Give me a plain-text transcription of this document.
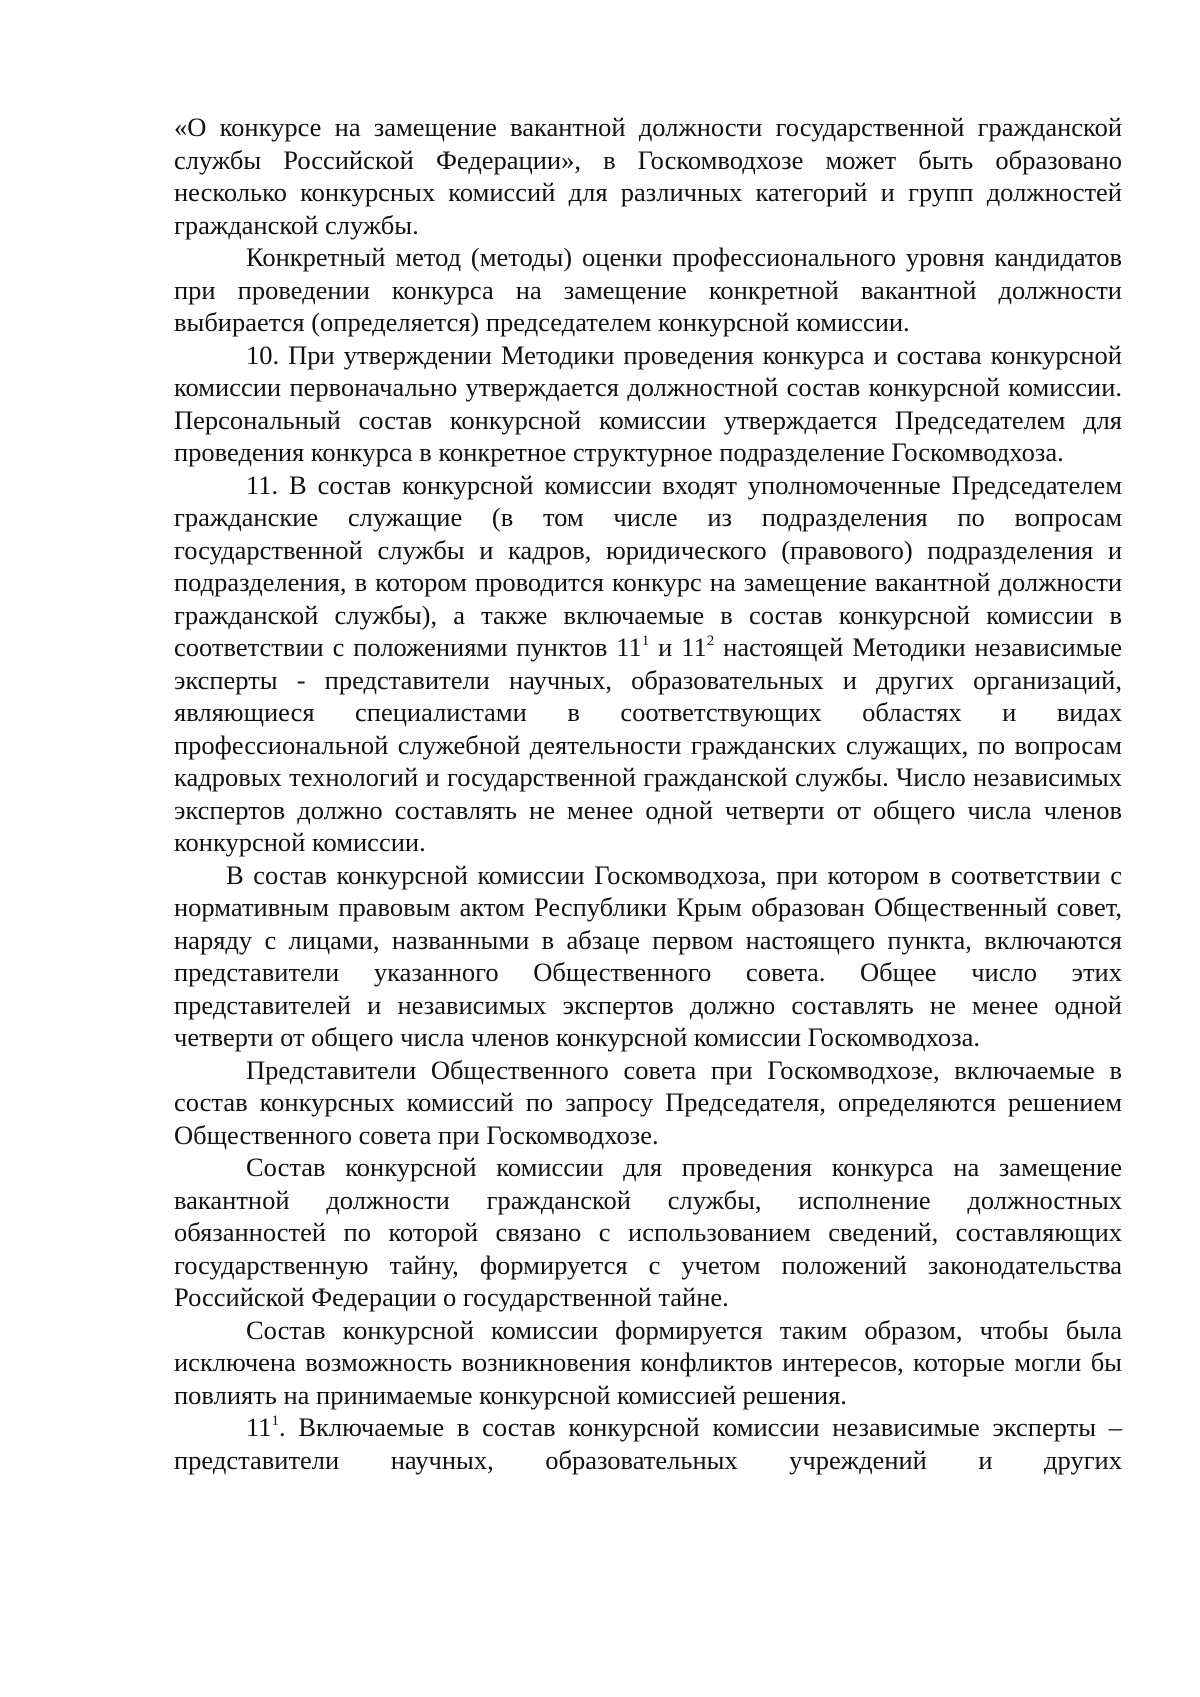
«О конкурсе на замещение вакантной должности государственной гражданской службы Российской Федерации», в Госкомводхозе может быть образовано несколько конкурсных комиссий для различных категорий и групп должностей гражданской службы.

Конкретный метод (методы) оценки профессионального уровня кандидатов при проведении конкурса на замещение конкретной вакантной должности выбирается (определяется) председателем конкурсной комиссии.

10. При утверждении Методики проведения конкурса и состава конкурсной комиссии первоначально утверждается должностной состав конкурсной комиссии. Персональный состав конкурсной комиссии утверждается Председателем для проведения конкурса в конкретное структурное подразделение Госкомводхоза.

11. В состав конкурсной комиссии входят уполномоченные Председателем гражданские служащие (в том числе из подразделения по вопросам государственной службы и кадров, юридического (правового) подразделения и подразделения, в котором проводится конкурс на замещение вакантной должности гражданской службы), а также включаемые в состав конкурсной комиссии в соответствии с положениями пунктов $11^1$ и $11^2$ настоящей Методики независимые эксперты - представители научных, образовательных и других организаций, являющиеся специалистами в соответствующих областях и видах профессиональной служебной деятельности гражданских служащих, по вопросам кадровых технологий и государственной гражданской службы. Число независимых экспертов должно составлять не менее одной четверти от общего числа членов конкурсной комиссии.

В состав конкурсной комиссии Госкомводхоза, при котором в соответствии с нормативным правовым актом Республики Крым образован Общественный совет, наряду с лицами, названными в абзаце первом настоящего пункта, включаются представители указанного Общественного совета. Общее число этих представителей и независимых экспертов должно составлять не менее одной четверти от общего числа членов конкурсной комиссии Госкомводхоза.

Представители Общественного совета при Госкомводхозе, включаемые в состав конкурсных комиссий по запросу Председателя, определяются решением Общественного совета при Госкомводхозе.

Состав конкурсной комиссии для проведения конкурса на замещение вакантной должности гражданской службы, исполнение должностных обязанностей по которой связано с использованием сведений, составляющих государственную тайну, формируется с учетом положений законодательства Российской Федерации о государственной тайне.

Состав конкурсной комиссии формируется таким образом, чтобы была исключена возможность возникновения конфликтов интересов, которые могли бы повлиять на принимаемые конкурсной комиссией решения.

$11^1$. Включаемые в состав конкурсной комиссии независимые эксперты – представители научных, образовательных учреждений и других
